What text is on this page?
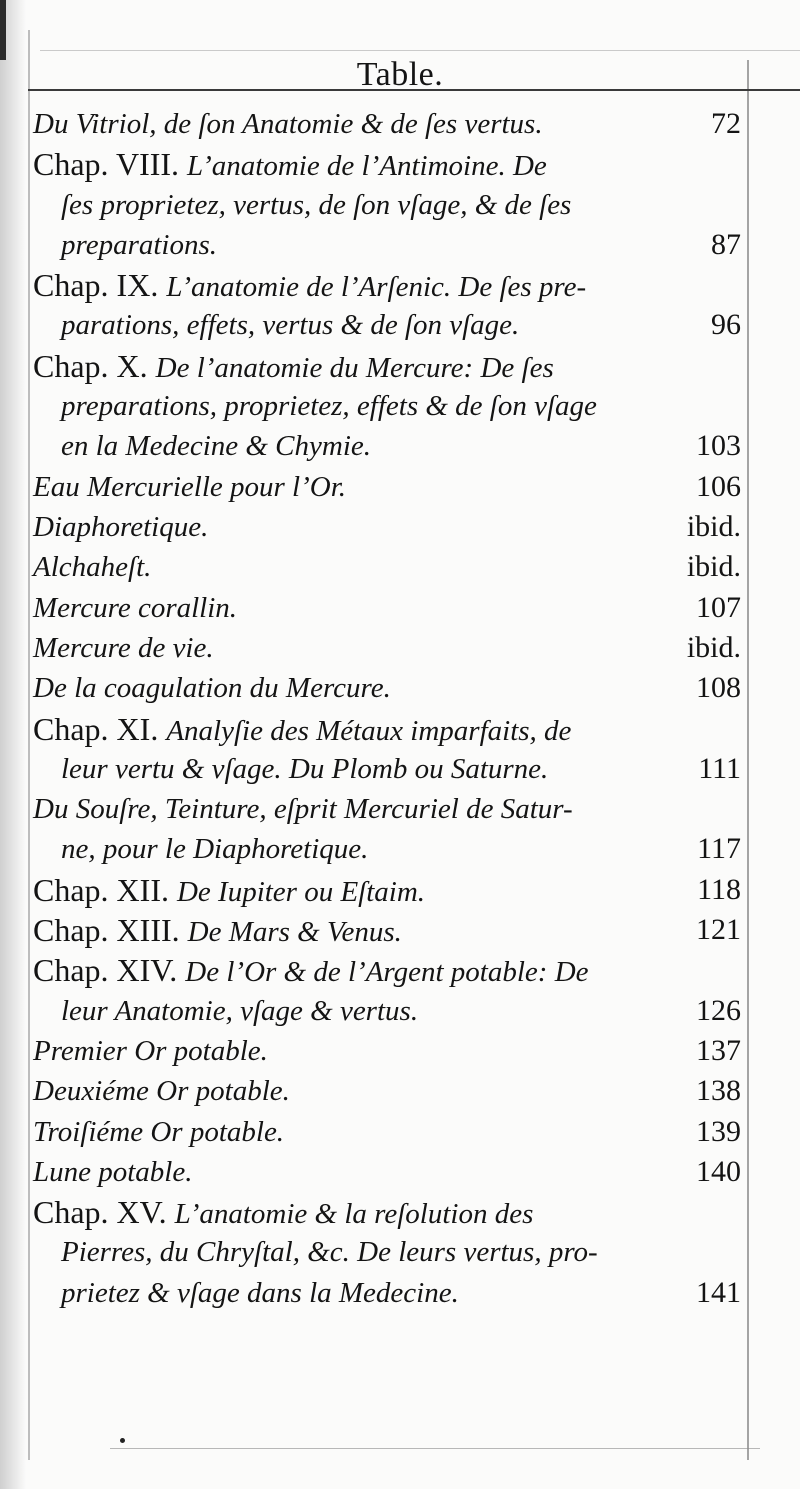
Table.
Du Vitriol, de ſon Anatomie & de ſes vertus.	72
Chap. VIII. L’anatomie de l’Antimoine. De
ſes proprietez, vertus, de ſon vſage, & de ſes
preparations.	87
Chap. IX. L’anatomie de l’Arſenic. De ſes pre-
parations, effets, vertus & de ſon vſage.	96
Chap. X. De l’anatomie du Mercure: De ſes
preparations, proprietez, effets & de ſon vſage
en la Medecine & Chymie.	103
Eau Mercurielle pour l’Or.	106
Diaphoretique.	ibid.
Alchaheſt.	ibid.
Mercure corallin.	107
Mercure de vie.	ibid.
De la coagulation du Mercure.	108
Chap. XI. Analyſie des Métaux imparfaits, de
leur vertu & vſage. Du Plomb ou Saturne.	111
Du Souſre, Teinture, eſprit Mercuriel de Satur-
ne, pour le Diaphoretique.	117
Chap. XII. De Iupiter ou Eſtaim.	118
Chap. XIII. De Mars & Venus.	121
Chap. XIV. De l’Or & de l’Argent potable: De
leur Anatomie, vſage & vertus.	126
Premier Or potable.	137
Deuxiéme Or potable.	138
Troiſiéme Or potable.	139
Lune potable.	140
Chap. XV. L’anatomie & la reſolution des
Pierres, du Chryſtal, &c. De leurs vertus, pro-
prietez & vſage dans la Medecine.	141
